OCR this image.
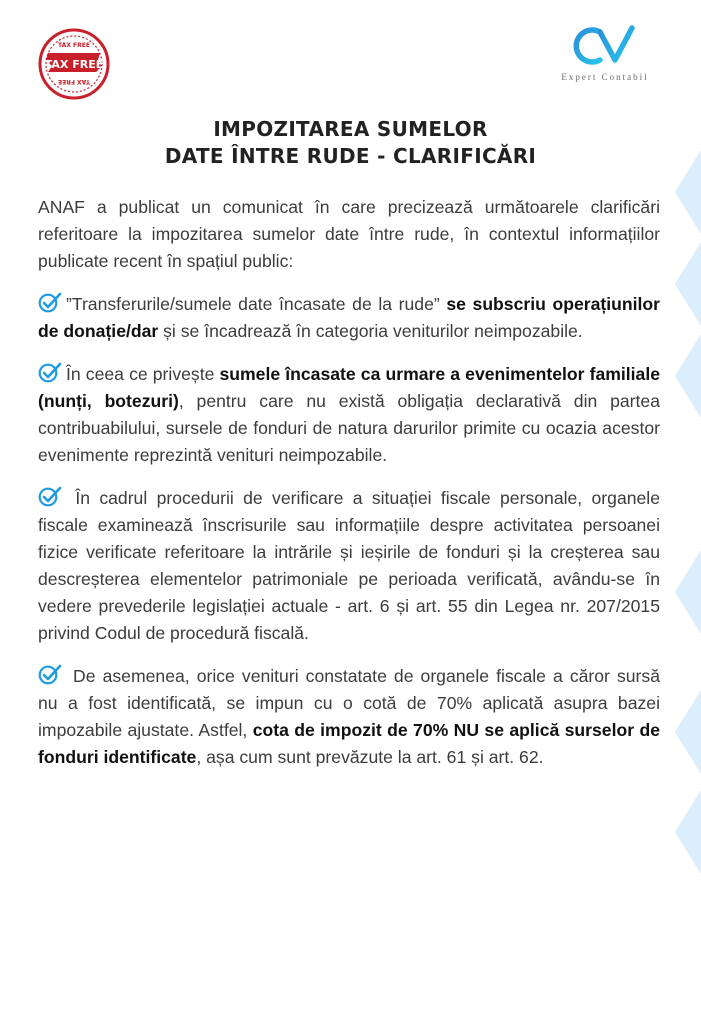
TAX FREE
TAX FREE
TAX FREE	Expert Contabil
IMPOZITAREA SUMELOR
DATE ÎNTRE RUDE - CLARIFICĂRI

ANAF a publicat un comunicat în care precizează următoarele clarificări referitoare la impozitarea sumelor date între rude, în contextul informațiilor publicate recent în spațiul public:

”Transferurile/sumele date încasate de la rude” se subscriu operațiunilor de donație/dar și se încadrează în categoria veniturilor neimpozabile.

În ceea ce privește sumele încasate ca urmare a evenimentelor familiale (nunți, botezuri), pentru care nu există obligația declarativă din partea contribuabilului, sursele de fonduri de natura darurilor primite cu ocazia acestor evenimente reprezintă venituri neimpozabile.

În cadrul procedurii de verificare a situației fiscale personale, organele fiscale examinează înscrisurile sau informațiile despre activitatea persoanei fizice verificate referitoare la intrările și ieșirile de fonduri și la creșterea sau descreșterea elementelor patrimoniale pe perioada verificată, avându-se în vedere prevederile legislației actuale - art. 6 și art. 55 din Legea nr. 207/2015 privind Codul de procedură fiscală.

De asemenea, orice venituri constatate de organele fiscale a căror sursă nu a fost identificată, se impun cu o cotă de 70% aplicată asupra bazei impozabile ajustate. Astfel, cota de impozit de 70% NU se aplică surselor de fonduri identificate, așa cum sunt prevăzute la art. 61 și art. 62.
